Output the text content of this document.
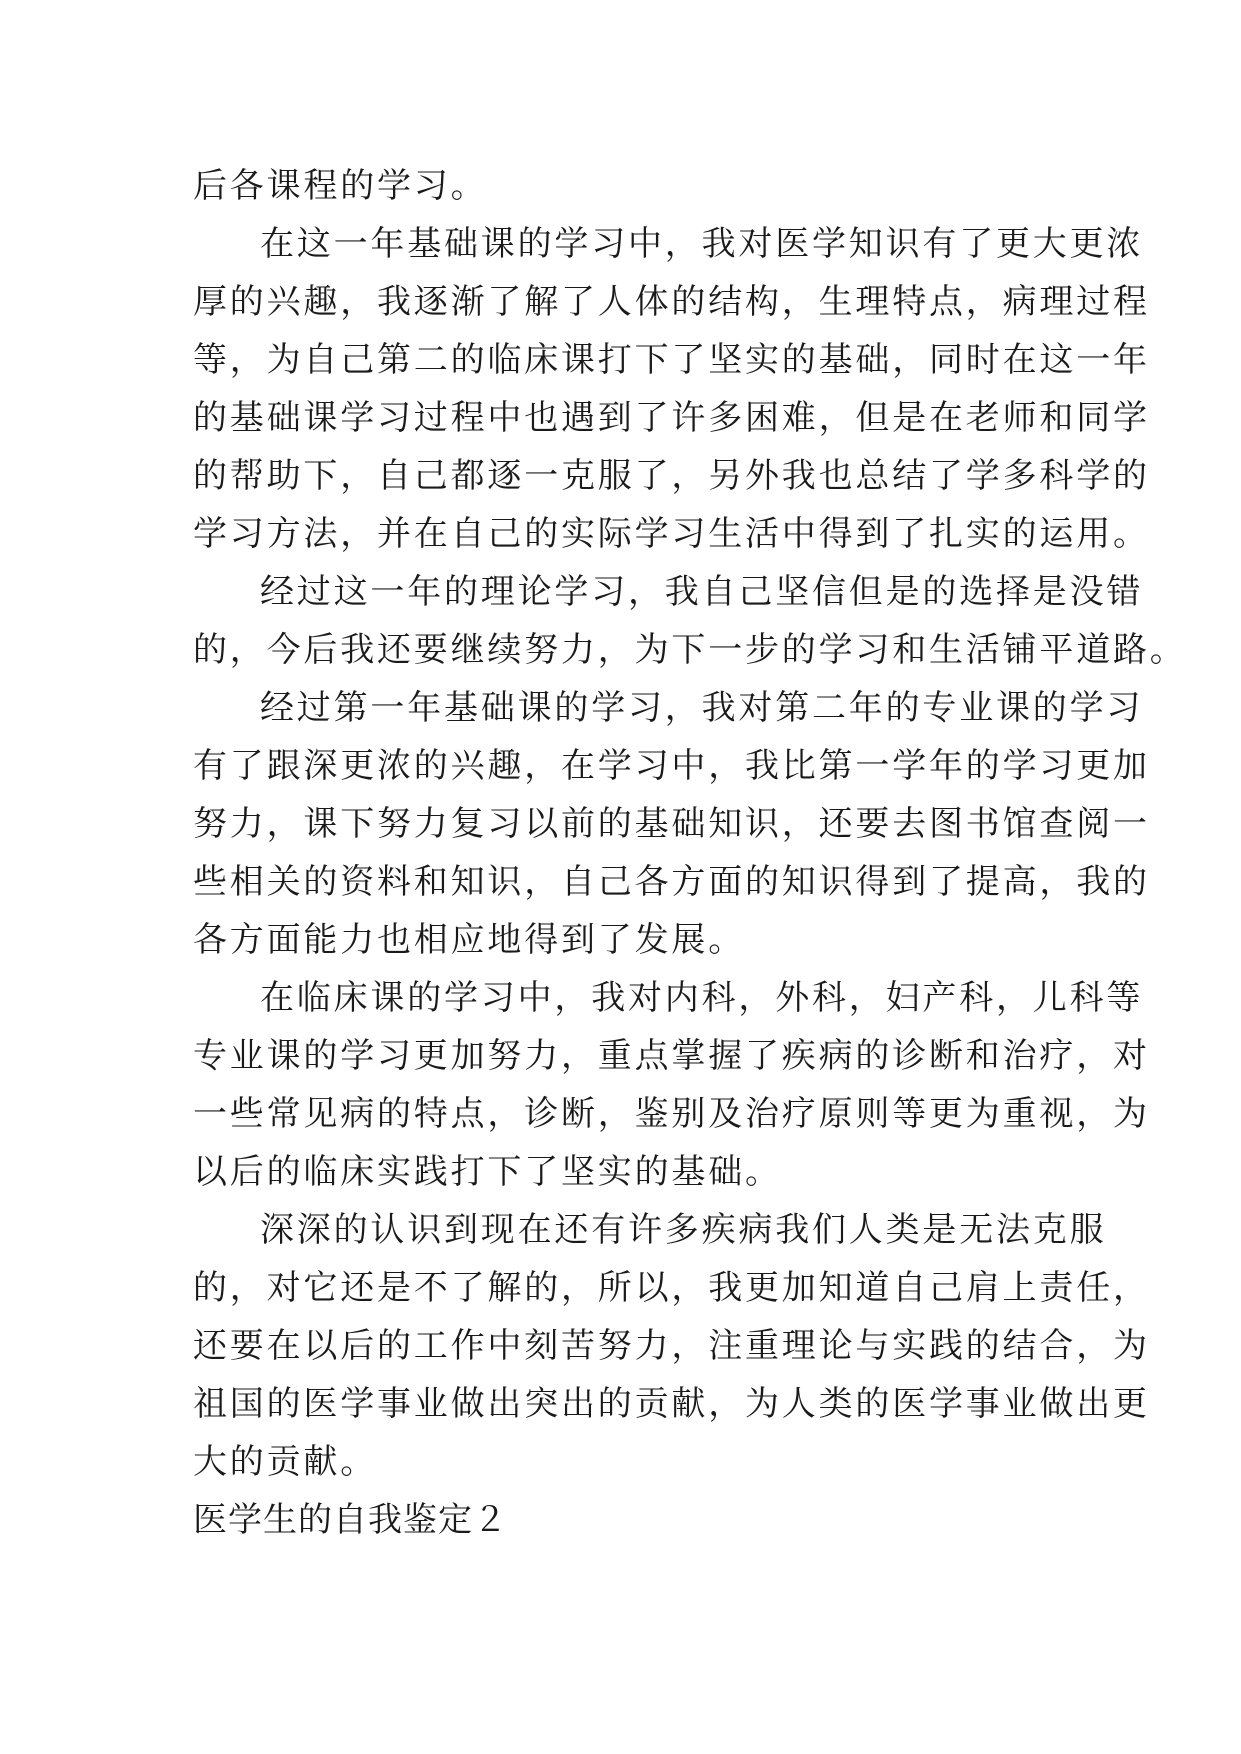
后各课程的学习。
在这一年基础课的学习中，我对医学知识有了更大更浓
厚的兴趣，我逐渐了解了人体的结构，生理特点，病理过程
等，为自己第二的临床课打下了坚实的基础，同时在这一年
的基础课学习过程中也遇到了许多困难，但是在老师和同学
的帮助下，自己都逐一克服了，另外我也总结了学多科学的
学习方法，并在自己的实际学习生活中得到了扎实的运用。
经过这一年的理论学习，我自己坚信但是的选择是没错
的，今后我还要继续努力，为下一步的学习和生活铺平道路。
经过第一年基础课的学习，我对第二年的专业课的学习
有了跟深更浓的兴趣，在学习中，我比第一学年的学习更加
努力，课下努力复习以前的基础知识，还要去图书馆查阅一
些相关的资料和知识，自己各方面的知识得到了提高，我的
各方面能力也相应地得到了发展。
在临床课的学习中，我对内科，外科，妇产科，儿科等
专业课的学习更加努力，重点掌握了疾病的诊断和治疗，对
一些常见病的特点，诊断，鉴别及治疗原则等更为重视，为
以后的临床实践打下了坚实的基础。
深深的认识到现在还有许多疾病我们人类是无法克服
的，对它还是不了解的，所以，我更加知道自己肩上责任，
还要在以后的工作中刻苦努力，注重理论与实践的结合，为
祖国的医学事业做出突出的贡献，为人类的医学事业做出更
大的贡献。
医学生的自我鉴定２
